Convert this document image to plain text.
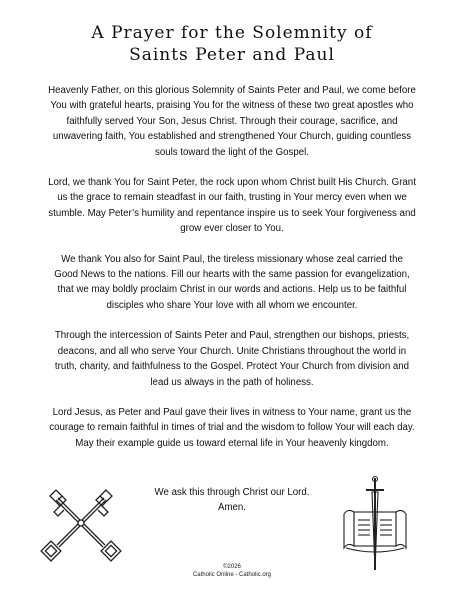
A Prayer for the Solemnity of
Saints Peter and Paul

Heavenly Father, on this glorious Solemnity of Saints Peter and Paul, we come before You with grateful hearts, praising You for the witness of these two great apostles who faithfully served Your Son, Jesus Christ. Through their courage, sacrifice, and unwavering faith, You established and strengthened Your Church, guiding countless souls toward the light of the Gospel.

Lord, we thank You for Saint Peter, the rock upon whom Christ built His Church. Grant us the grace to remain steadfast in our faith, trusting in Your mercy even when we stumble. May Peter’s humility and repentance inspire us to seek Your forgiveness and grow ever closer to You.

We thank You also for Saint Paul, the tireless missionary whose zeal carried the Good News to the nations. Fill our hearts with the same passion for evangelization, that we may boldly proclaim Christ in our words and actions. Help us to be faithful disciples who share Your love with all whom we encounter.

Through the intercession of Saints Peter and Paul, strengthen our bishops, priests, deacons, and all who serve Your Church. Unite Christians throughout the world in truth, charity, and faithfulness to the Gospel. Protect Your Church from division and lead us always in the path of holiness.

Lord Jesus, as Peter and Paul gave their lives in witness to Your name, grant us the courage to remain faithful in times of trial and the wisdom to follow Your will each day. May their example guide us toward eternal life in Your heavenly kingdom.

We ask this through Christ our Lord.
Amen.
©2026
Catholic Online - Catholic.org
